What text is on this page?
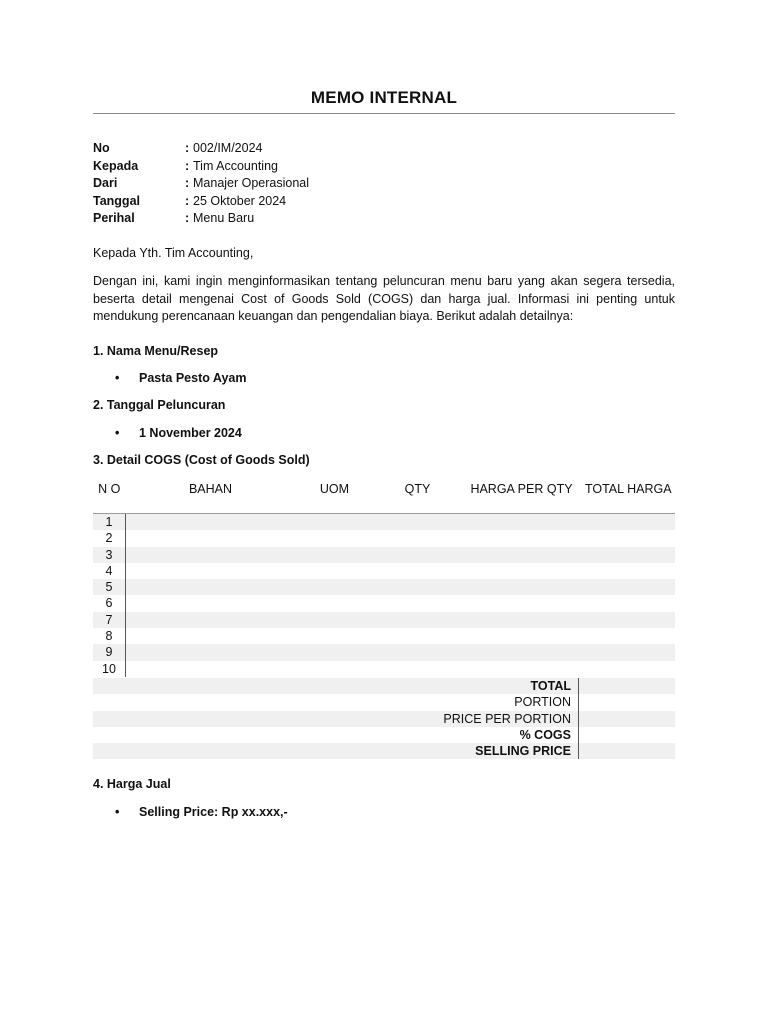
MEMO INTERNAL
No	: 002/IM/2024
Kepada	: Tim Accounting
Dari	: Manajer Operasional
Tanggal	: 25 Oktober 2024
Perihal	: Menu Baru
Kepada Yth. Tim Accounting,
Dengan ini, kami ingin menginformasikan tentang peluncuran menu baru yang akan segera tersedia, beserta detail mengenai Cost of Goods Sold (COGS) dan harga jual. Informasi ini penting untuk mendukung perencanaan keuangan dan pengendalian biaya. Berikut adalah detailnya:
1. Nama Menu/Resep
• Pasta Pesto Ayam
2. Tanggal Peluncuran
• 1 November 2024
3. Detail COGS (Cost of Goods Sold)
N O	BAHAN	UOM	QTY	HARGA PER QTY	TOTAL HARGA
1					
2					
3					
4					
5					
6					
7					
8					
9					
10					
TOTAL
PORTION
PRICE PER PORTION
% COGS
SELLING PRICE
4. Harga Jual
• Selling Price: Rp xx.xxx,-
